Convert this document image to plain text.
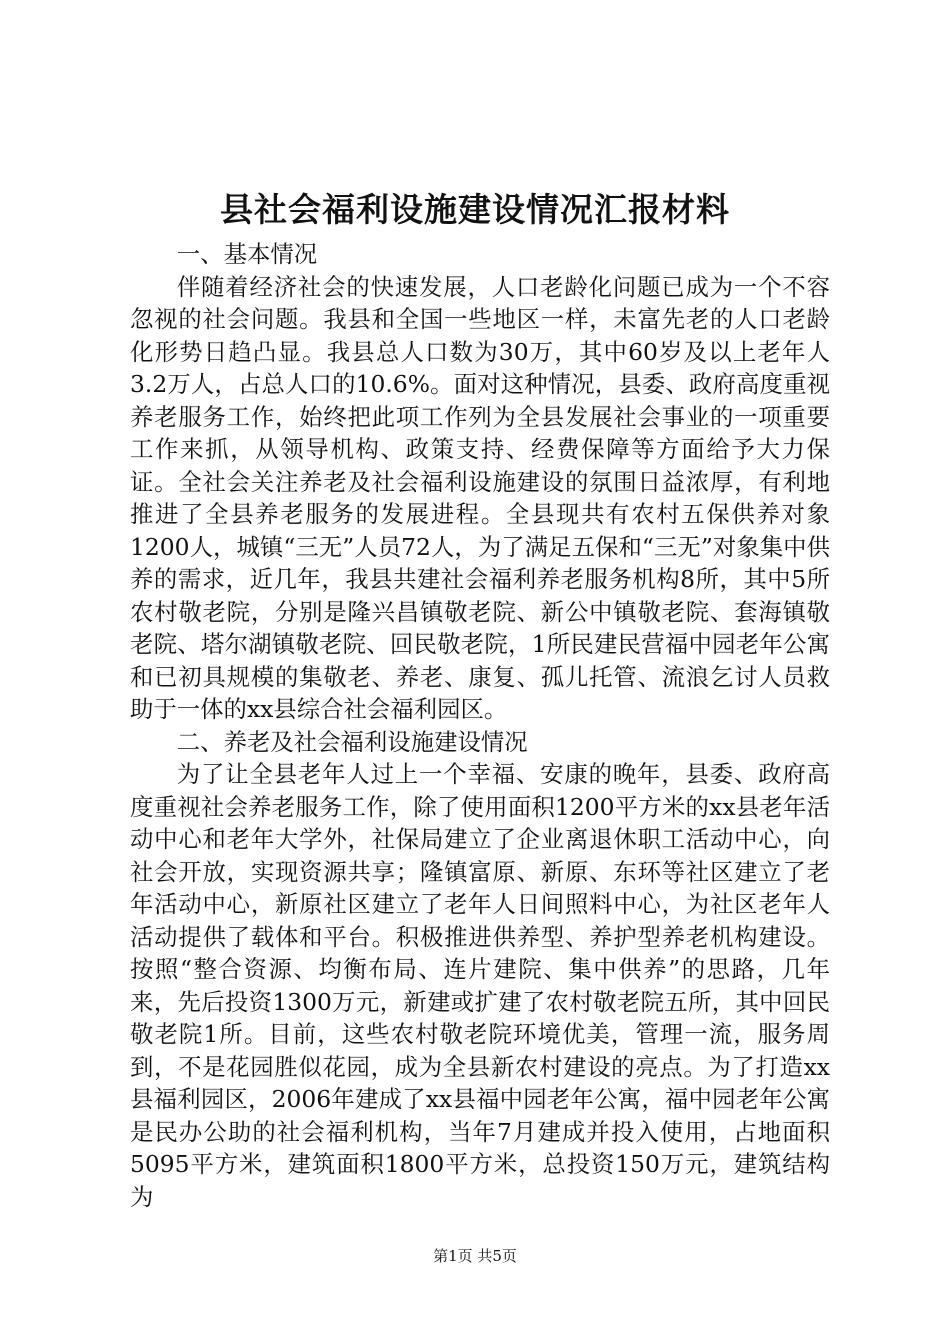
县社会福利设施建设情况汇报材料

一、基本情况

伴随着经济社会的快速发展，人口老龄化问题已成为一个不容忽视的社会问题。我县和全国一些地区一样，未富先老的人口老龄化形势日趋凸显。我县总人口数为30万，其中60岁及以上老年人3.2万人，占总人口的10.6%。面对这种情况，县委、政府高度重视养老服务工作，始终把此项工作列为全县发展社会事业的一项重要工作来抓，从领导机构、政策支持、经费保障等方面给予大力保证。全社会关注养老及社会福利设施建设的氛围日益浓厚，有利地推进了全县养老服务的发展进程。全县现共有农村五保供养对象1200人，城镇“三无”人员72人，为了满足五保和“三无”对象集中供养的需求，近几年，我县共建社会福利养老服务机构8所，其中5所农村敬老院，分别是隆兴昌镇敬老院、新公中镇敬老院、套海镇敬老院、塔尔湖镇敬老院、回民敬老院，1所民建民营福中园老年公寓和已初具规模的集敬老、养老、康复、孤儿托管、流浪乞讨人员救助于一体的xx县综合社会福利园区。

二、养老及社会福利设施建设情况

为了让全县老年人过上一个幸福、安康的晚年，县委、政府高度重视社会养老服务工作，除了使用面积1200平方米的xx县老年活动中心和老年大学外，社保局建立了企业离退休职工活动中心，向社会开放，实现资源共享；隆镇富原、新原、东环等社区建立了老年活动中心，新原社区建立了老年人日间照料中心，为社区老年人活动提供了载体和平台。积极推进供养型、养护型养老机构建设。按照“整合资源、均衡布局、连片建院、集中供养”的思路，几年来，先后投资1300万元，新建或扩建了农村敬老院五所，其中回民敬老院1所。目前，这些农村敬老院环境优美，管理一流，服务周到，不是花园胜似花园，成为全县新农村建设的亮点。为了打造xx县福利园区，2006年建成了xx县福中园老年公寓，福中园老年公寓是民办公助的社会福利机构，当年7月建成并投入使用，占地面积5095平方米，建筑面积1800平方米，总投资150万元，建筑结构为

第1页 共5页
